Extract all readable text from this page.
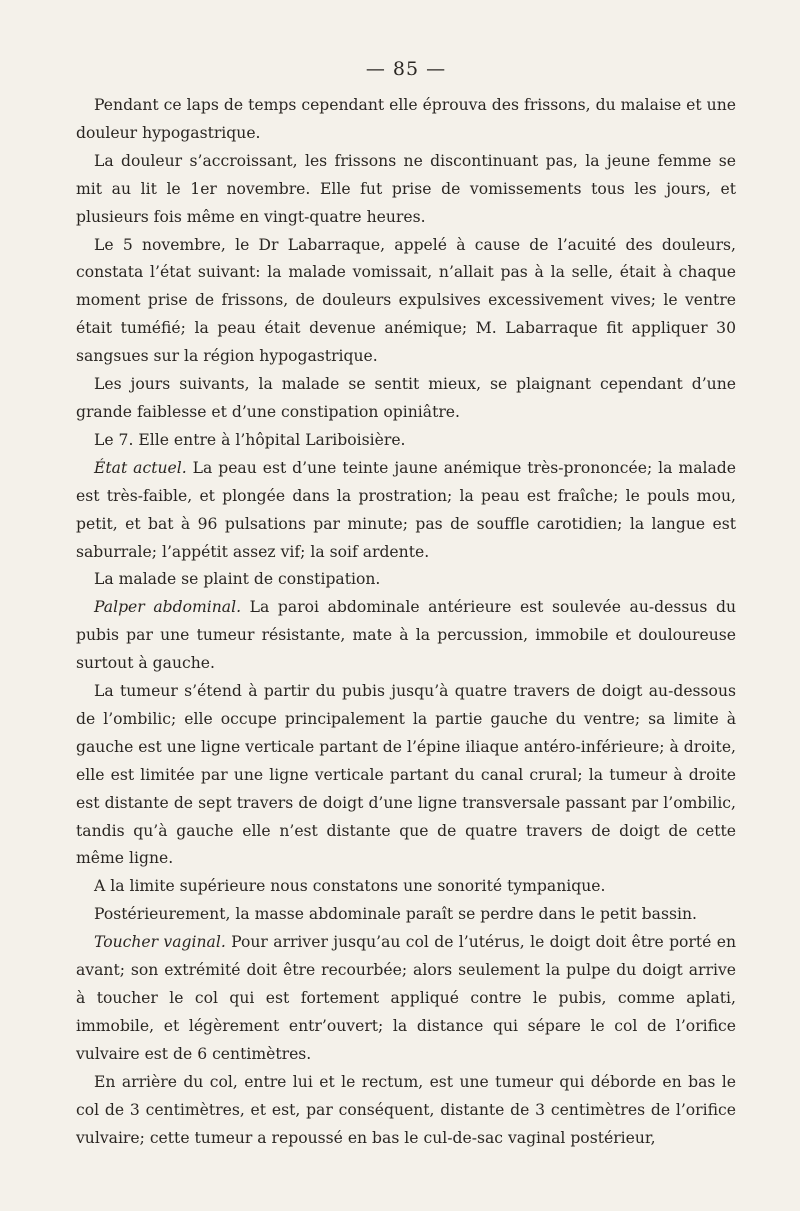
— 85 —

Pendant ce laps de temps cependant elle éprouva des frissons, du malaise et une douleur hypogastrique.

La douleur s’accroissant, les frissons ne discontinuant pas, la jeune femme se mit au lit le 1er novembre. Elle fut prise de vomissements tous les jours, et plusieurs fois même en vingt-quatre heures.

Le 5 novembre, le Dr Labarraque, appelé à cause de l’acuité des douleurs, constata l’état suivant: la malade vomissait, n’allait pas à la selle, était à chaque moment prise de frissons, de douleurs expulsives excessivement vives; le ventre était tuméfié; la peau était devenue anémique; M. Labarraque fit appliquer 30 sangsues sur la région hypogastrique.

Les jours suivants, la malade se sentit mieux, se plaignant cependant d’une grande faiblesse et d’une constipation opiniâtre.

Le 7. Elle entre à l’hôpital Lariboisière.

État actuel. La peau est d’une teinte jaune anémique très-prononcée; la malade est très-faible, et plongée dans la prostration; la peau est fraîche; le pouls mou, petit, et bat à 96 pulsations par minute; pas de souffle carotidien; la langue est saburrale; l’appétit assez vif; la soif ardente.

La malade se plaint de constipation.

Palper abdominal. La paroi abdominale antérieure est soulevée au-dessus du pubis par une tumeur résistante, mate à la percussion, immobile et douloureuse surtout à gauche.

La tumeur s’étend à partir du pubis jusqu’à quatre travers de doigt au-dessous de l’ombilic; elle occupe principalement la partie gauche du ventre; sa limite à gauche est une ligne verticale partant de l’épine iliaque antéro-inférieure; à droite, elle est limitée par une ligne verticale partant du canal crural; la tumeur à droite est distante de sept travers de doigt d’une ligne transversale passant par l’ombilic, tandis qu’à gauche elle n’est distante que de quatre travers de doigt de cette même ligne.

A la limite supérieure nous constatons une sonorité tympanique.

Postérieurement, la masse abdominale paraît se perdre dans le petit bassin.

Toucher vaginal. Pour arriver jusqu’au col de l’utérus, le doigt doit être porté en avant; son extrémité doit être recourbée; alors seulement la pulpe du doigt arrive à toucher le col qui est fortement appliqué contre le pubis, comme aplati, immobile, et légèrement entr’ouvert; la distance qui sépare le col de l’orifice vulvaire est de 6 centimètres.

En arrière du col, entre lui et le rectum, est une tumeur qui déborde en bas le col de 3 centimètres, et est, par conséquent, distante de 3 centimètres de l’orifice vulvaire; cette tumeur a repoussé en bas le cul-de-sac vaginal postérieur,
